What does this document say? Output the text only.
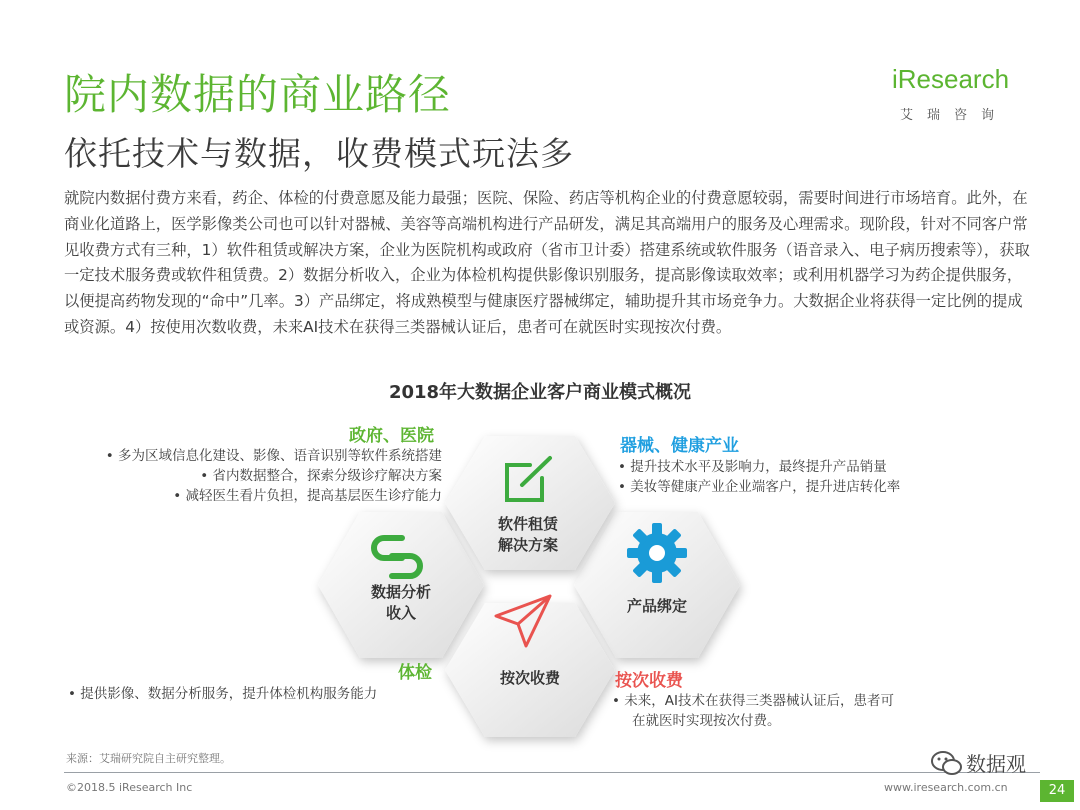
院内数据的商业路径
依托技术与数据，收费模式玩法多
iResearch
艾瑞咨询

就院内数据付费方来看，药企、体检的付费意愿及能力最强；医院、保险、药店等机构企业的付费意愿较弱，需要时间进行市场培育。此外，在商业化道路上，医学影像类公司也可以针对器械、美容等高端机构进行产品研发，满足其高端用户的服务及心理需求。现阶段，针对不同客户常见收费方式有三种，1）软件租赁或解决方案，企业为医院机构或政府（省市卫计委）搭建系统或软件服务（语音录入、电子病历搜索等），获取一定技术服务费或软件租赁费。2）数据分析收入，企业为体检机构提供影像识别服务，提高影像读取效率；或利用机器学习为药企提供服务，以便提高药物发现的“命中”几率。3）产品绑定，将成熟模型与健康医疗器械绑定，辅助提升其市场竞争力。大数据企业将获得一定比例的提成或资源。4）按使用次数收费，未来AI技术在获得三类器械认证后，患者可在就医时实现按次付费。

2018年大数据企业客户商业模式概况
软件租赁
解决方案
数据分析
收入	产品绑定
按次收费
政府、医院
• 多为区域信息化建设、影像、语音识别等软件系统搭建
• 省内数据整合，探索分级诊疗解决方案
• 减轻医生看片负担，提高基层医生诊疗能力
器械、健康产业
• 提升技术水平及影响力，最终提升产品销量
• 美妆等健康产业企业端客户，提升进店转化率
体检
• 提供影像、数据分析服务，提升体检机构服务能力
按次收费
• 未来，AI技术在获得三类器械认证后，患者可
在就医时实现按次付费。
来源：艾瑞研究院自主研究整理。
©2018.5 iResearch Inc	www.iresearch.com.cn	24
数据观
